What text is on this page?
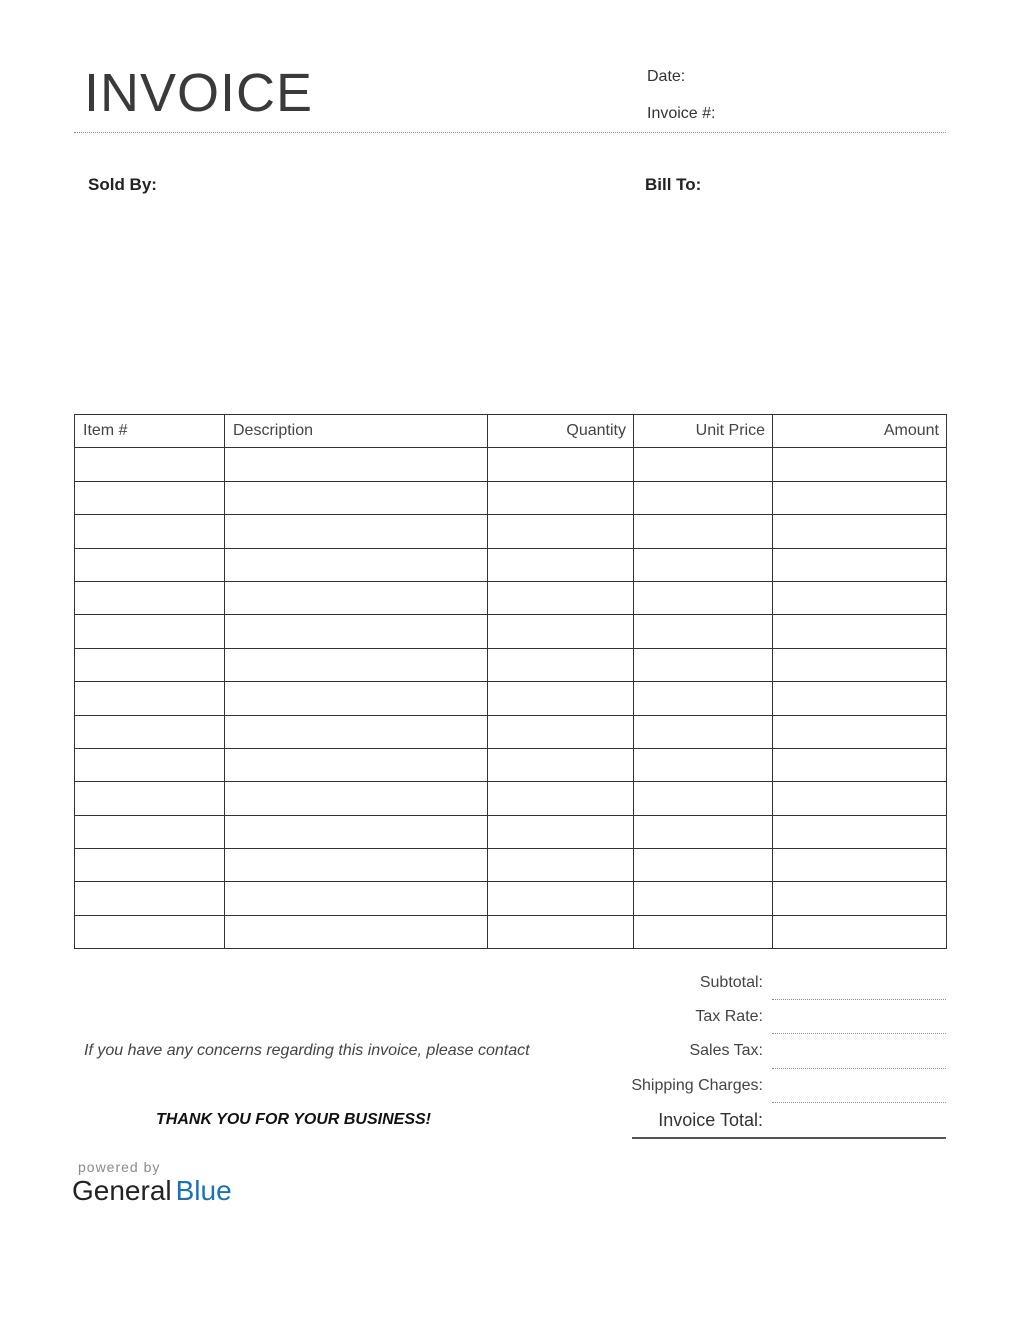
INVOICE	Date:
Invoice #:
Sold By:	Bill To:
Item #	Description	Quantity	Unit Price	Amount

Subtotal:
Tax Rate:
Sales Tax:
Shipping Charges:
Invoice Total:
If you have any concerns regarding this invoice, please contact
THANK YOU FOR YOUR BUSINESS!
powered by
General Blue
